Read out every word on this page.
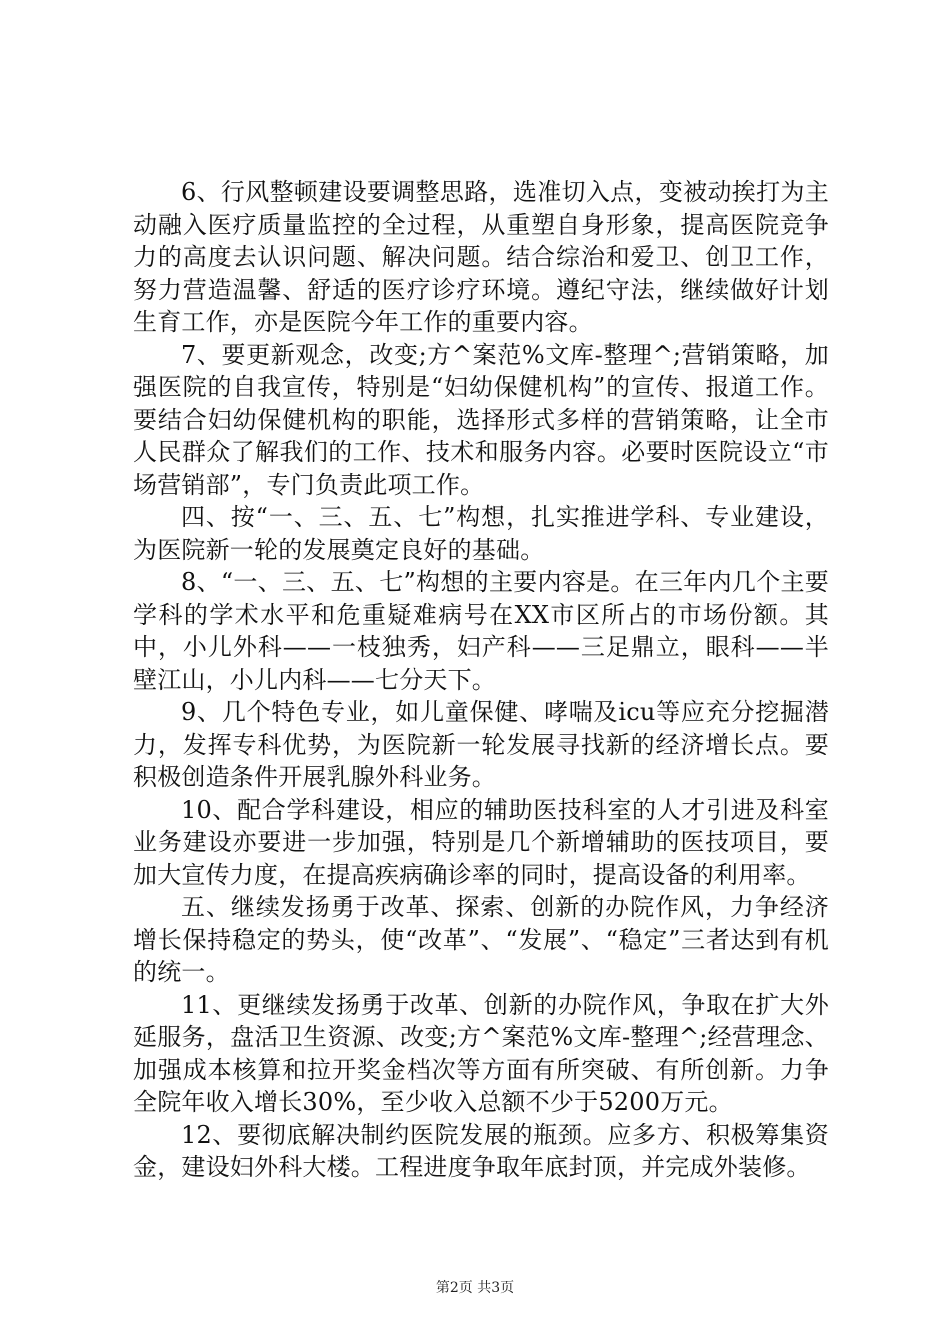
6、行风整顿建设要调整思路，选准切入点，变被动挨打为主动融入医疗质量监控的全过程，从重塑自身形象，提高医院竞争力的高度去认识问题、解决问题。结合综治和爱卫、创卫工作，努力营造温馨、舒适的医疗诊疗环境。遵纪守法，继续做好计划生育工作，亦是医院今年工作的重要内容。

7、要更新观念，改变;方^案范%文库-整理^;营销策略，加强医院的自我宣传，特别是“妇幼保健机构”的宣传、报道工作。要结合妇幼保健机构的职能，选择形式多样的营销策略，让全市人民群众了解我们的工作、技术和服务内容。必要时医院设立“市场营销部”，专门负责此项工作。

四、按“一、三、五、七”构想，扎实推进学科、专业建设，为医院新一轮的发展奠定良好的基础。

8、“一、三、五、七”构想的主要内容是。在三年内几个主要学科的学术水平和危重疑难病号在XX市区所占的市场份额。其中，小儿外科——一枝独秀，妇产科——三足鼎立，眼科——半壁江山，小儿内科——七分天下。

9、几个特色专业，如儿童保健、哮喘及icu等应充分挖掘潜力，发挥专科优势，为医院新一轮发展寻找新的经济增长点。要积极创造条件开展乳腺外科业务。

10、配合学科建设，相应的辅助医技科室的人才引进及科室业务建设亦要进一步加强，特别是几个新增辅助的医技项目，要加大宣传力度，在提高疾病确诊率的同时，提高设备的利用率。

五、继续发扬勇于改革、探索、创新的办院作风，力争经济增长保持稳定的势头，使“改革”、“发展”、“稳定”三者达到有机的统一。

11、更继续发扬勇于改革、创新的办院作风，争取在扩大外延服务，盘活卫生资源、改变;方^案范%文库-整理^;经营理念、加强成本核算和拉开奖金档次等方面有所突破、有所创新。力争全院年收入增长30%，至少收入总额不少于5200万元。

12、要彻底解决制约医院发展的瓶颈。应多方、积极筹集资金，建设妇外科大楼。工程进度争取年底封顶，并完成外装修。

第2页 共3页
